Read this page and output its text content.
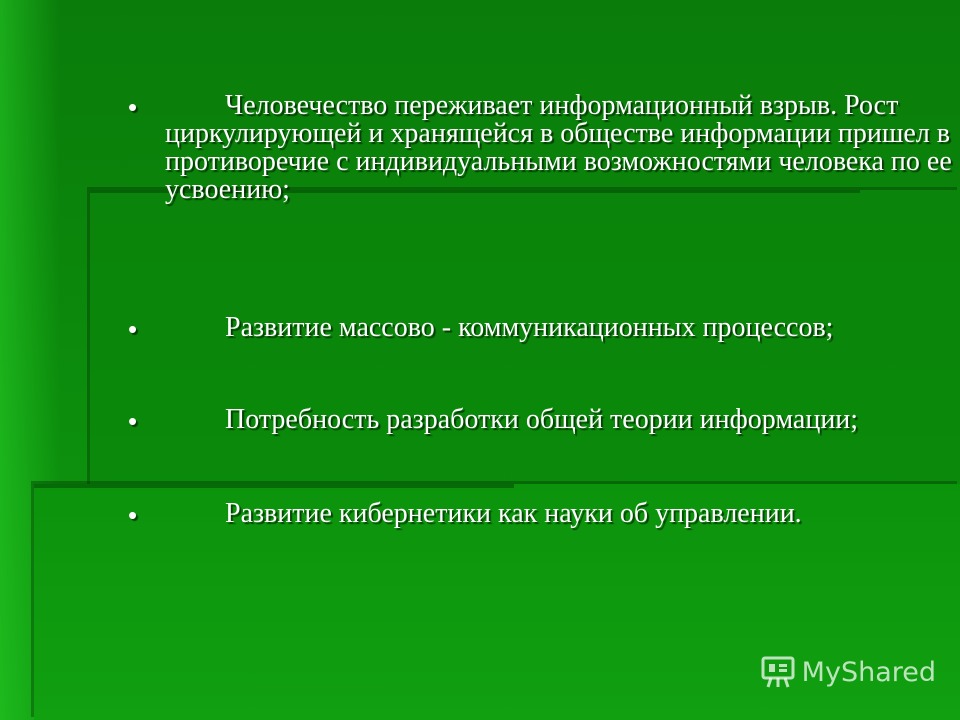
•	Человечество переживает информационный взрыв. Рост циркулирующей и хранящейся в обществе информации пришел в противоречие с индивидуальными возможностями человека по ее усвоению;
•	Развитие массово - коммуникационных процессов;
•	Потребность разработки общей теории информации;
•	Развитие кибернетики как науки об управлении.
MyShared
